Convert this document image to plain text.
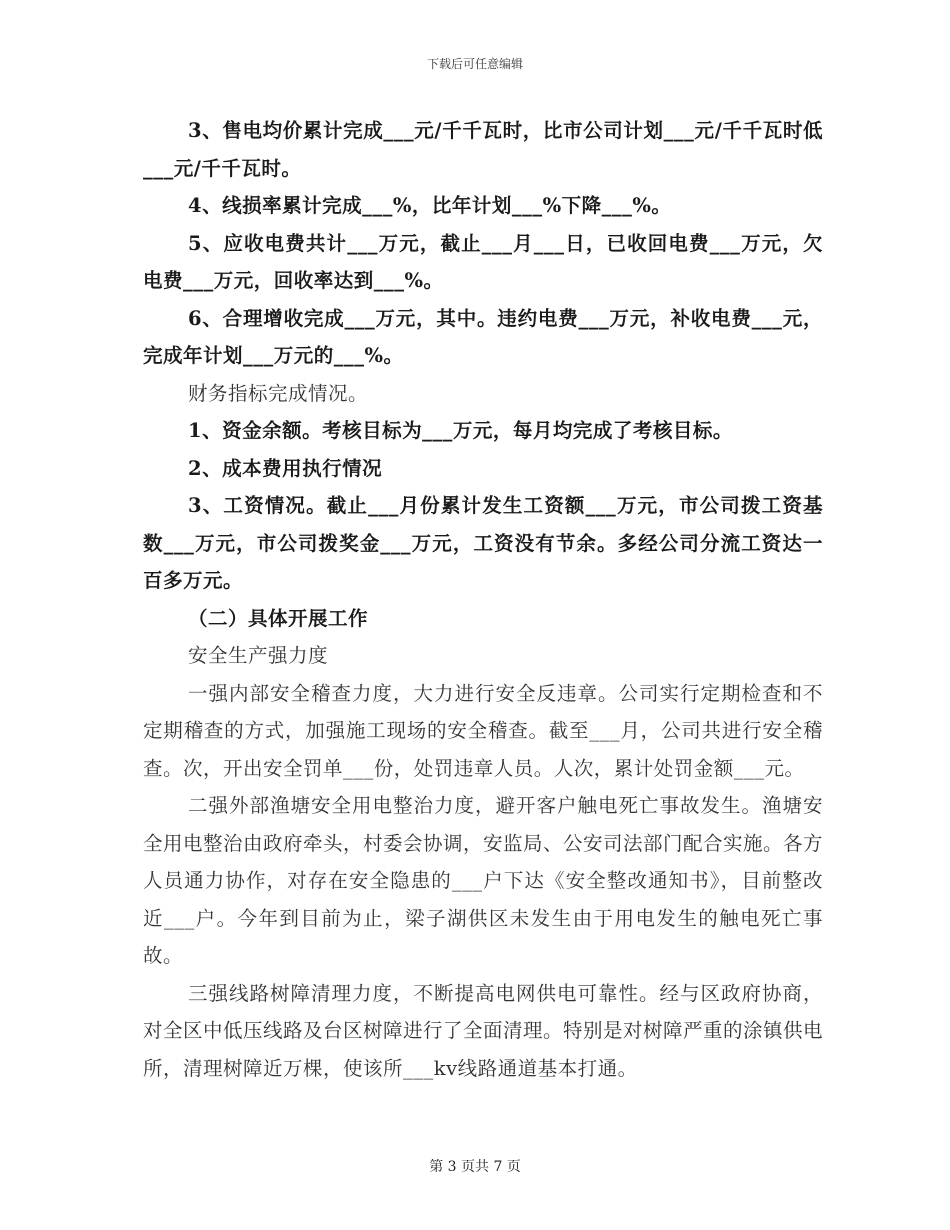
下载后可任意编辑

3、售电均价累计完成___元/千千瓦时，比市公司计划___元/千千瓦时低___元/千千瓦时。

4、线损率累计完成___%，比年计划___%下降___%。

5、应收电费共计___万元，截止___月___日，已收回电费___万元，欠电费___万元，回收率达到___%。

6、合理增收完成___万元，其中。违约电费___万元，补收电费___元，完成年计划___万元的___%。

财务指标完成情况。

1、资金余额。考核目标为___万元，每月均完成了考核目标。

2、成本费用执行情况

3、工资情况。截止___月份累计发生工资额___万元，市公司拨工资基数___万元，市公司拨奖金___万元，工资没有节余。多经公司分流工资达一百多万元。

（二）具体开展工作

安全生产强力度

一强内部安全稽查力度，大力进行安全反违章。公司实行定期检查和不定期稽查的方式，加强施工现场的安全稽查。截至___月，公司共进行安全稽查。次，开出安全罚单___份，处罚违章人员。人次，累计处罚金额___元。

二强外部渔塘安全用电整治力度，避开客户触电死亡事故发生。渔塘安全用电整治由政府牵头，村委会协调，安监局、公安司法部门配合实施。各方人员通力协作，对存在安全隐患的___户下达《安全整改通知书》，目前整改近___户。今年到目前为止，梁子湖供区未发生由于用电发生的触电死亡事故。

三强线路树障清理力度，不断提高电网供电可靠性。经与区政府协商，对全区中低压线路及台区树障进行了全面清理。特别是对树障严重的涂镇供电所，清理树障近万棵，使该所___kv线路通道基本打通。

第 3 页共 7 页
